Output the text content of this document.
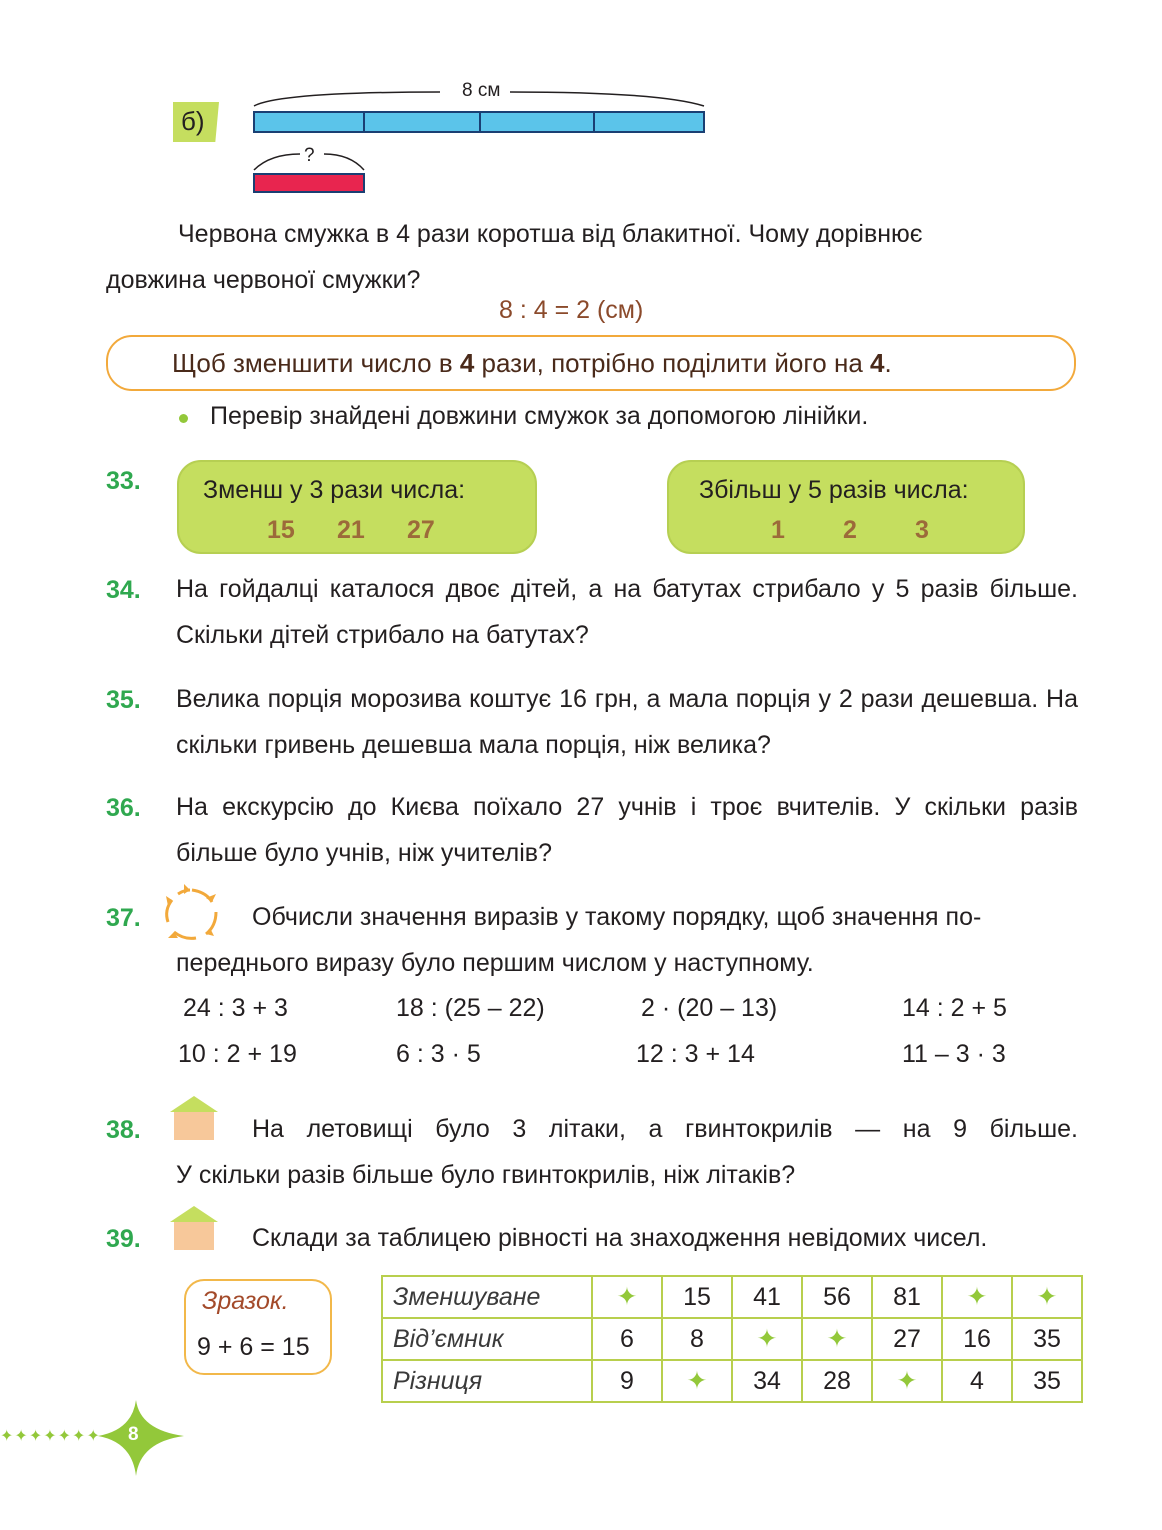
б)
8 см
?
Червона смужка в 4 рази коротша від блакитної. Чому дорівнює
довжина червоної смужки?
8 : 4 = 2 (см)
Щоб зменшити число в 4 рази, потрібно поділити його на 4.
Перевір знайдені довжини смужок за допомогою лінійки.
33. Зменш у 3 рази числа:
15 21 27
Збільш у 5 разів числа:
1 2 3
34. На гойдалці каталося двоє дітей, а на батутах стрибало у 5 разів більше. Скільки дітей стрибало на батутах?
35. Велика порція морозива коштує 16 грн, а мала порція у 2 рази дешевша. На скільки гривень дешевша мала порція, ніж велика?
36. На екскурсію до Києва поїхало 27 учнів і троє вчителів. У скільки разів більше було учнів, ніж учителів?
37.	Обчисли значення виразів у такому порядку, щоб значення по-
переднього виразу було першим числом у наступному.
24 : 3 + 3	18 : (25 – 22)	2 · (20 – 13)	14 : 2 + 5
10 : 2 + 19	6 : 3 · 5	12 : 3 + 14	11 – 3 · 3
38.	На летовищі було 3 літаки, а гвинтокрилів — на 9 більше.
У скільки разів більше було гвинтокрилів, ніж літаків?
39.	Склади за таблицею рівності на знаходження невідомих чисел.
Зразок.
9 + 6 = 15
Зменшуване	✦	15	41	56	81	✦	✦
Від’ємник	6	8	✦	✦	27	16	35
Різниця	9	✦	34	28	✦	4	35
✦✦✦✦✦✦✦ 8
